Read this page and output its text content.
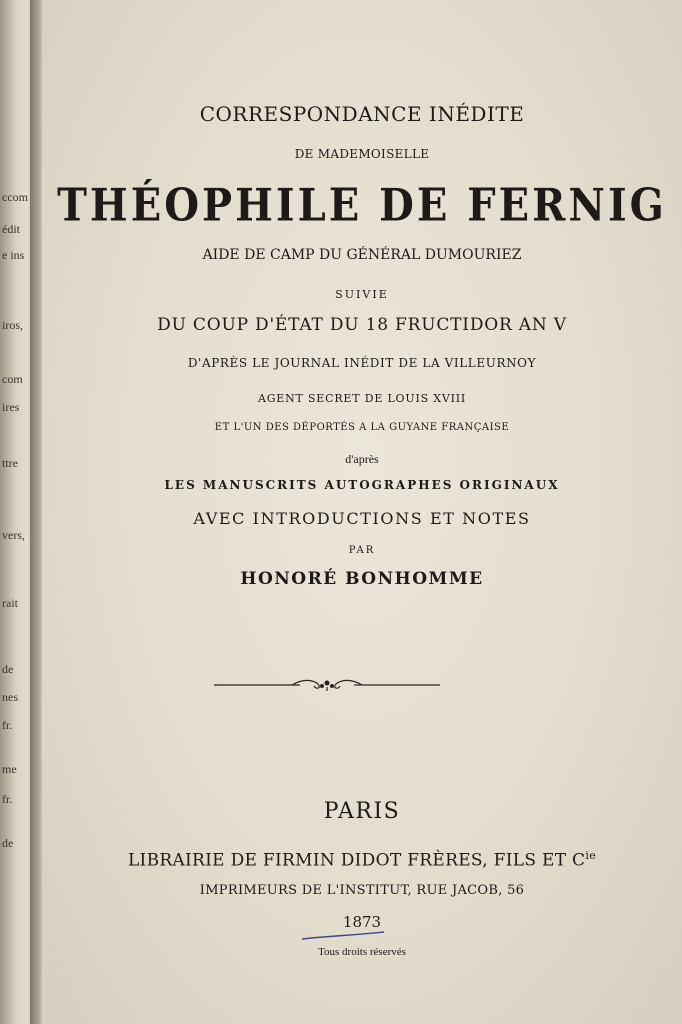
ccom
édit
e ins
iros,
com
ires
ttre
vers,
rait
de
nes
fr.
me
fr.
de
CORRESPONDANCE INÉDITE
DE MADEMOISELLE
THÉOPHILE DE FERNIG
AIDE DE CAMP DU GÉNÉRAL DUMOURIEZ
SUIVIE
DU COUP D'ÉTAT DU 18 FRUCTIDOR AN V
D'APRÈS LE JOURNAL INÉDIT DE LA VILLEURNOY
AGENT SECRET DE LOUIS XVIII
ET L'UN DES DÉPORTÉS A LA GUYANE FRANÇAISE
d'après
LES MANUSCRITS AUTOGRAPHES ORIGINAUX
AVEC INTRODUCTIONS ET NOTES
PAR
HONORÉ BONHOMME
PARIS
LIBRAIRIE DE FIRMIN DIDOT FRÈRES, FILS ET $C^{ie}$
IMPRIMEURS DE L'INSTITUT, RUE JACOB, 56
1873
Tous droits réservés
